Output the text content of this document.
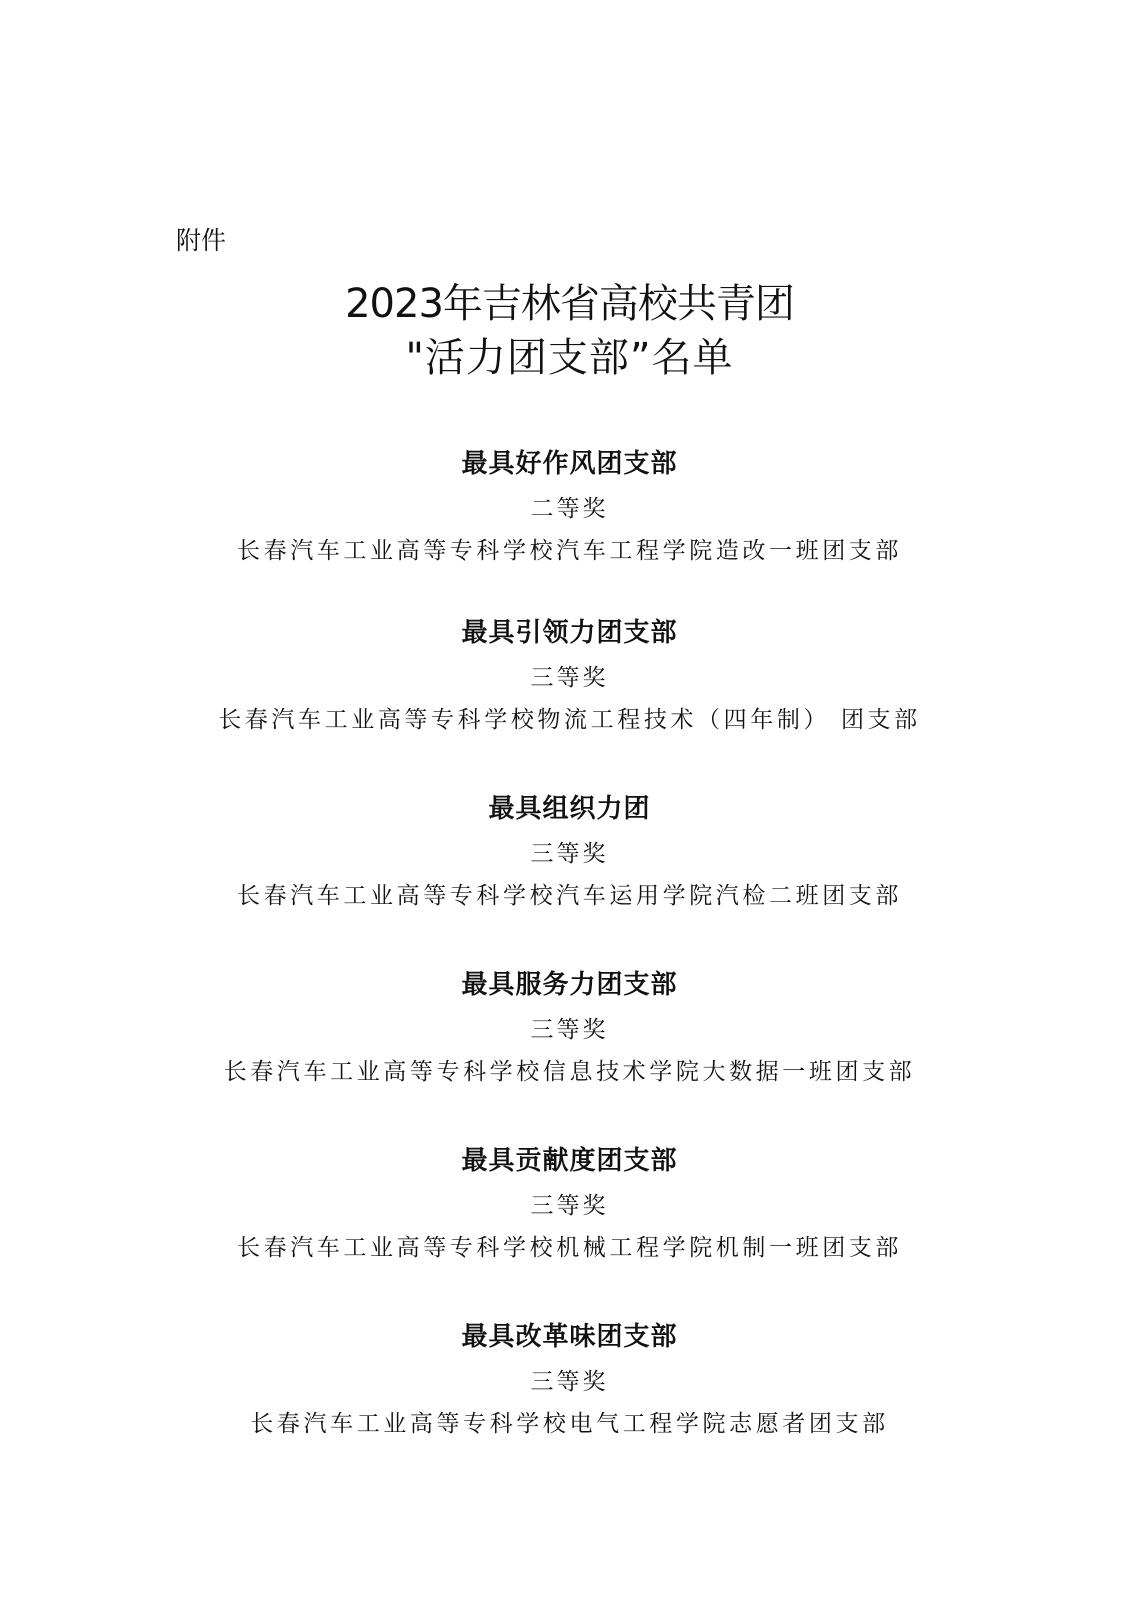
附件

2023年吉林省高校共青团
"活力团支部”名单
最具好作风团支部
二等奖
长春汽车工业高等专科学校汽车工程学院造改一班团支部
最具引领力团支部
三等奖
长春汽车工业高等专科学校物流工程技术（四年制） 团支部
最具组织力团
三等奖
长春汽车工业高等专科学校汽车运用学院汽检二班团支部
最具服务力团支部
三等奖
长春汽车工业高等专科学校信息技术学院大数据一班团支部
最具贡献度团支部
三等奖
长春汽车工业高等专科学校机械工程学院机制一班团支部
最具改革味团支部
三等奖
长春汽车工业高等专科学校电气工程学院志愿者团支部
